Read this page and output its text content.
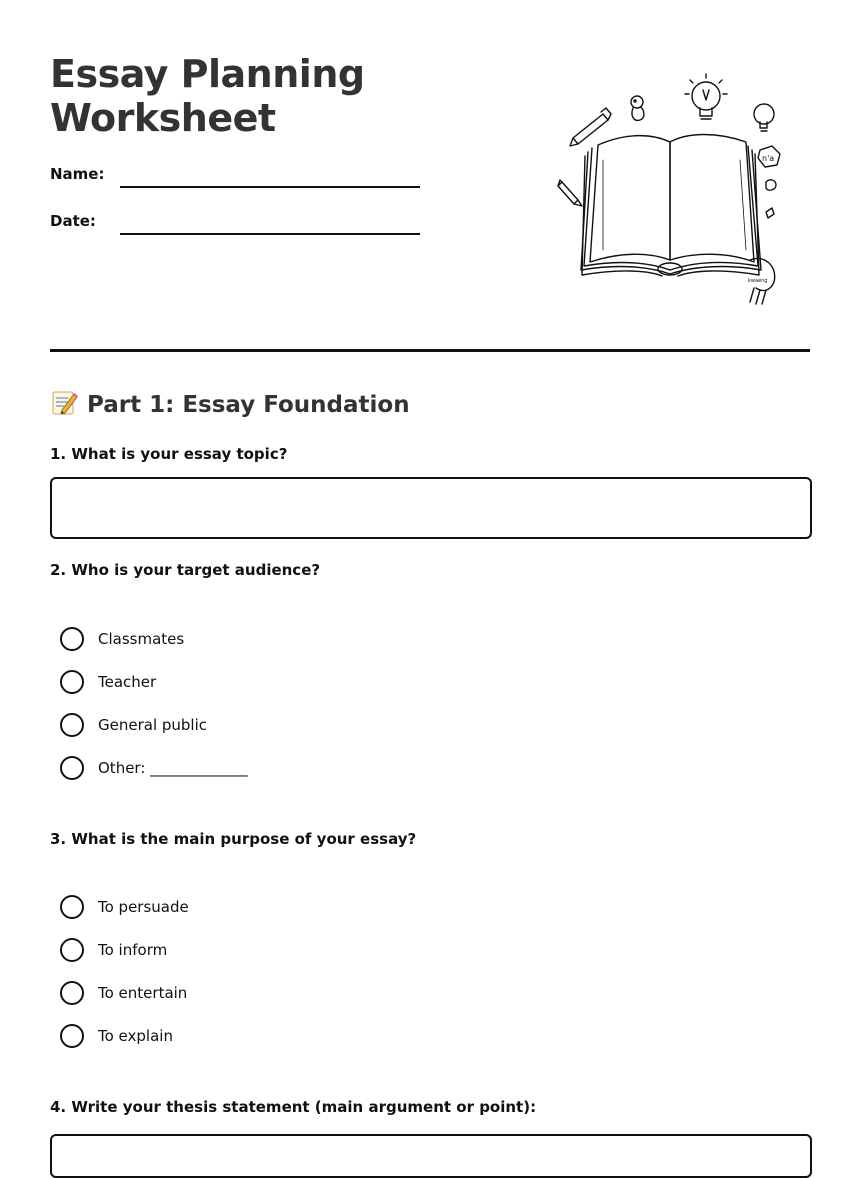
Essay Planning
Worksheet
Name:
Date:
n'a
kwaeng
Part 1: Essay Foundation
1. What is your essay topic?
2. Who is your target audience?
Classmates
Teacher
General public
Other: _____________
3. What is the main purpose of your essay?
To persuade
To inform
To entertain
To explain
4. Write your thesis statement (main argument or point):
